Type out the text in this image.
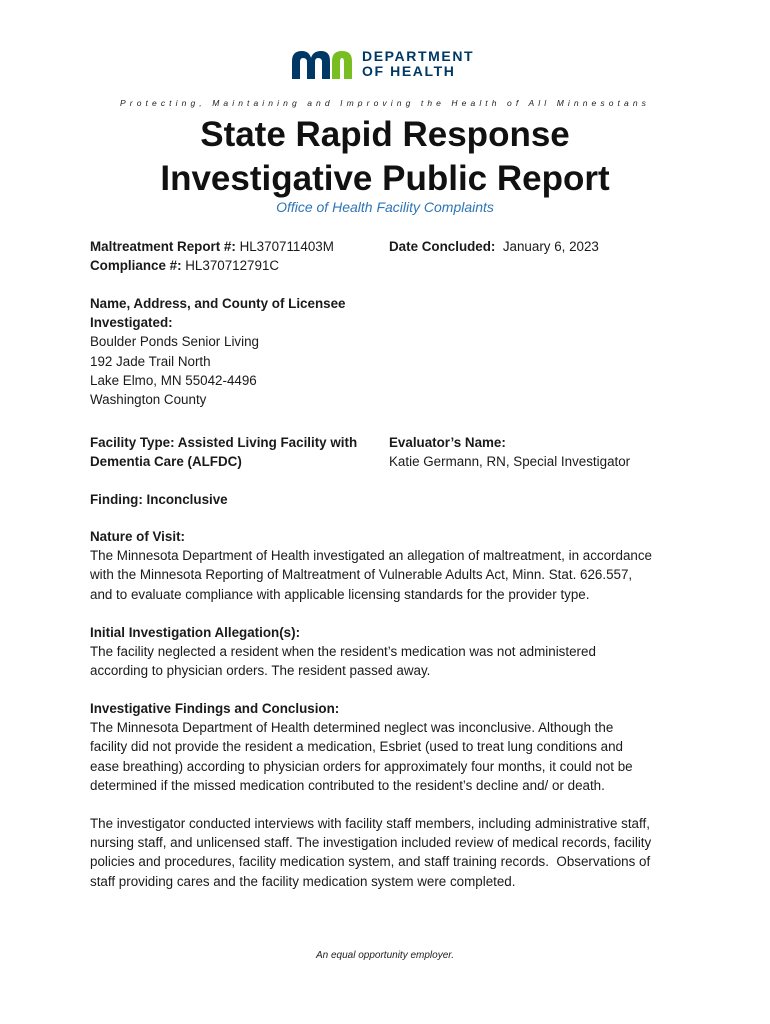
DEPARTMENT
OF HEALTH
Protecting, Maintaining and Improving the Health of All Minnesotans
State Rapid Response
Investigative Public Report
Office of Health Facility Complaints
Maltreatment Report #: HL370711403M
Compliance #: HL370712791C
Date Concluded:  January 6, 2023
Name, Address, and County of Licensee
Investigated:
Boulder Ponds Senior Living
192 Jade Trail North
Lake Elmo, MN 55042-4496
Washington County
Facility Type: Assisted Living Facility with
Dementia Care (ALFDC)
Evaluator’s Name:
Katie Germann, RN, Special Investigator
Finding: Inconclusive
Nature of Visit:
The Minnesota Department of Health investigated an allegation of maltreatment, in accordance
with the Minnesota Reporting of Maltreatment of Vulnerable Adults Act, Minn. Stat. 626.557,
and to evaluate compliance with applicable licensing standards for the provider type.
Initial Investigation Allegation(s):
The facility neglected a resident when the resident’s medication was not administered
according to physician orders. The resident passed away.
Investigative Findings and Conclusion:
The Minnesota Department of Health determined neglect was inconclusive. Although the
facility did not provide the resident a medication, Esbriet (used to treat lung conditions and
ease breathing) according to physician orders for approximately four months, it could not be
determined if the missed medication contributed to the resident’s decline and/ or death.
The investigator conducted interviews with facility staff members, including administrative staff,
nursing staff, and unlicensed staff. The investigation included review of medical records, facility
policies and procedures, facility medication system, and staff training records.  Observations of
staff providing cares and the facility medication system were completed.
An equal opportunity employer.
